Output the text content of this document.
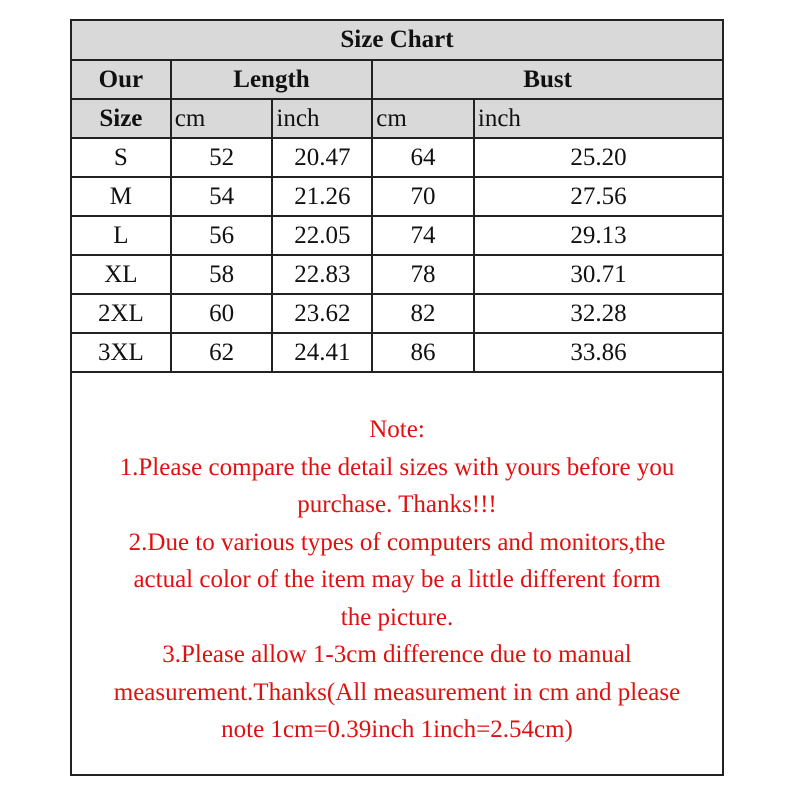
Size Chart				
Our	Length		Bust	
Size	cm	inch	cm	inch
S	52	20.47	64	25.20
M	54	21.26	70	27.56
L	56	22.05	74	29.13
XL	58	22.83	78	30.71
2XL	60	23.62	82	32.28
3XL	62	24.41	86	33.86
Note:
1.Please compare the detail sizes with yours before you
purchase. Thanks!!!
2.Due to various types of computers and monitors,the
actual color of the item may be a little different form
the picture.
3.Please allow 1-3cm difference due to manual
measurement.Thanks(All measurement in cm and please
note 1cm=0.39inch 1inch=2.54cm)
